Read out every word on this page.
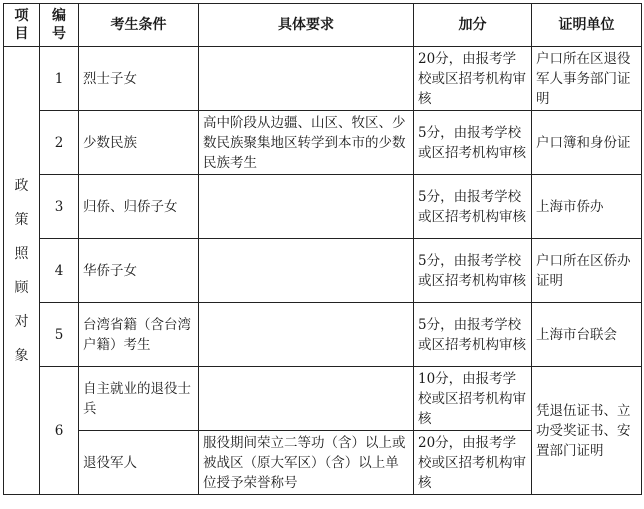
项目	编号	考生条件	具体要求	加分	证明单位
政策照顾对象	1	烈士子女		20分，由报考学校或区招考机构审核	户口所在区退役军人事务部门证明
	2	少数民族	高中阶段从边疆、山区、牧区、少数民族聚集地区转学到本市的少数民族考生	5分，由报考学校或区招考机构审核	户口簿和身份证
	3	归侨、归侨子女		5分，由报考学校或区招考机构审核	上海市侨办
	4	华侨子女		5分，由报考学校或区招考机构审核	户口所在区侨办证明
	5	台湾省籍（含台湾户籍）考生		5分，由报考学校或区招考机构审核	上海市台联会
	6	自主就业的退役士兵		10分，由报考学校或区招考机构审核	凭退伍证书、立功受奖证书、安置部门证明
		退役军人	服役期间荣立二等功（含）以上或被战区（原大军区）（含）以上单位授予荣誉称号	20分，由报考学校或区招考机构审核	
